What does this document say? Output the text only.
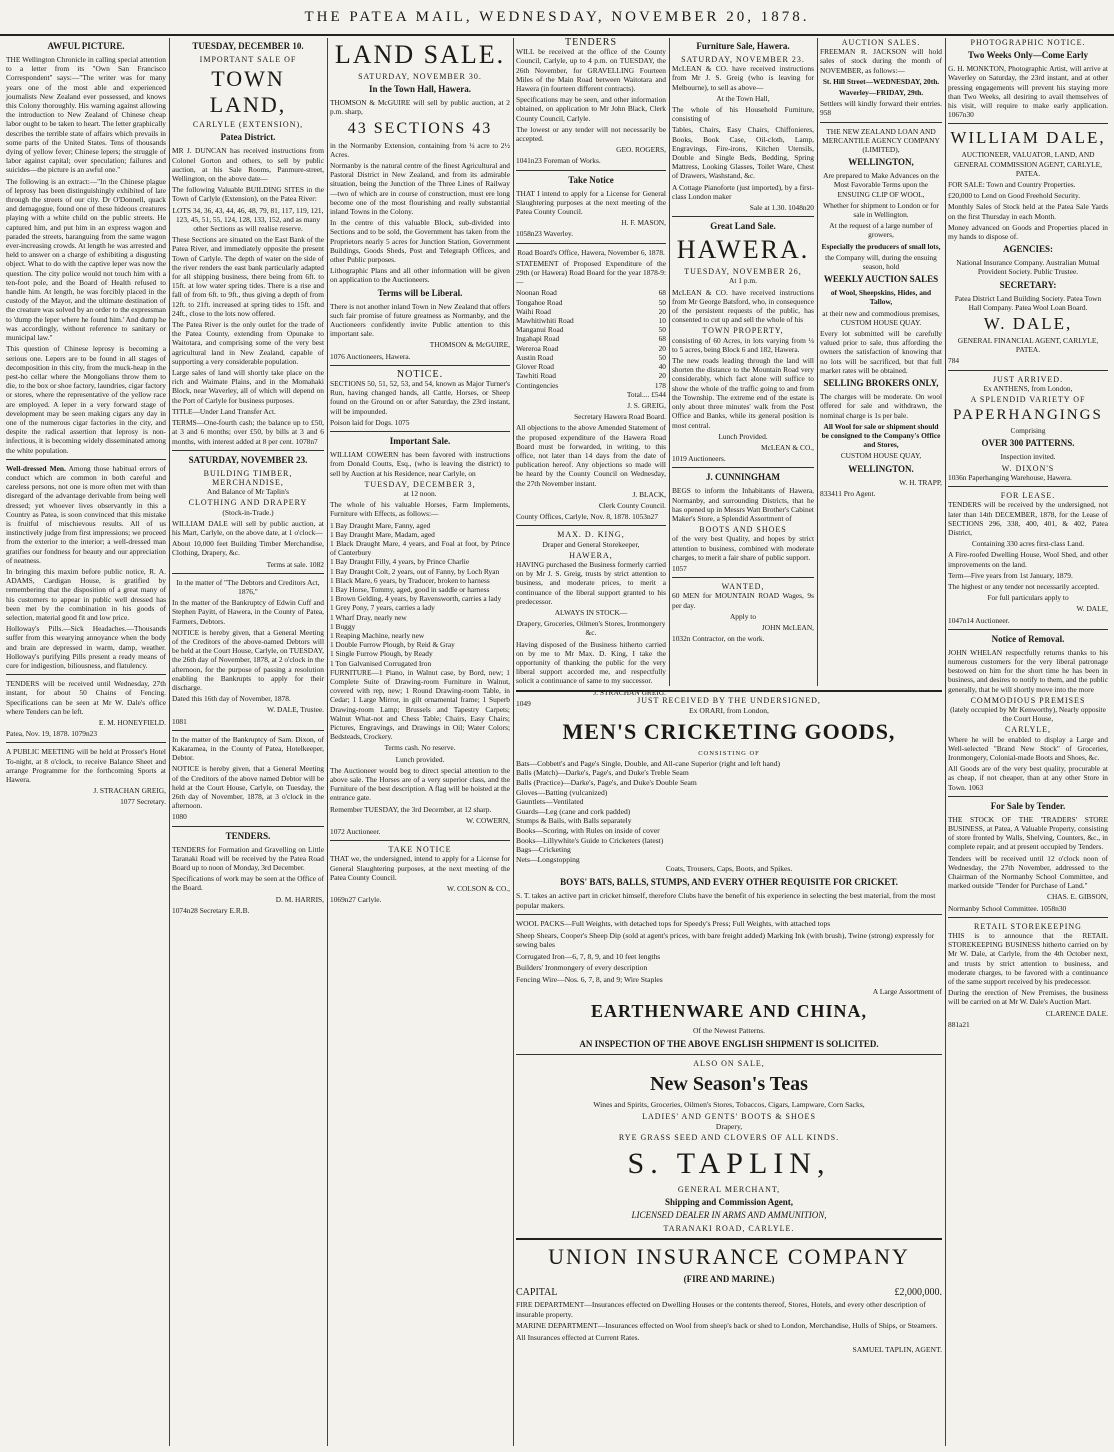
THE PATEA MAIL, WEDNESDAY, NOVEMBER 20, 1878.
AWFUL PICTURE.

THE Wellington Chronicle in calling special attention to a letter from its "Own San Francisco Correspondent" says:—"The writer was for many years one of the most able and experienced journalists New Zealand ever possessed, and knows this Colony thoroughly. His warning against allowing the introduction to New Zealand of Chinese cheap labor ought to be taken to heart. The letter graphically describes the terrible state of affairs which prevails in some parts of the United States. Tens of thousands dying of yellow fever; Chinese lepers; the struggle of labor against capital; over speculation; failures and suicides—the picture is an awful one."

The following is an extract:—"In the Chinese plague of leprosy has been distinguishingly exhibited of late through the streets of our city. Dr O'Donnell, quack and demagogue, found one of these hideous creatures playing with a white child on the public streets. He captured him, and put him in an express wagon and paraded the streets, haranguing from the same wagon ever-increasing crowds. At length he was arrested and held to answer on a charge of exhibiting a disgusting object. What to do with the captive leper was now the question. The city police would not touch him with a ten-foot pole, and the Board of Health refused to handle him. At length, he was forcibly placed in the custody of the Mayor, and the ultimate destination of the creature was solved by an order to the expressman to 'dump the leper where he found him.' And dump he was accordingly, without reference to sanitary or municipal law."

This question of Chinese leprosy is becoming a serious one. Lepers are to be found in all stages of decomposition in this city, from the muck-heap in the pest-ho cellar where the Mongolians throw them to die, to the box or shoe factory, laundries, cigar factory or stores, where the representative of the yellow race are employed. A leper in a very forward stage of development may be seen making cigars any day in one of the numerous cigar factories in the city, and despite the radical assertion that leprosy is non-infectious, it is becoming widely disseminated among the white population.

Well-dressed Men. Among those habitual errors of conduct which are common in both careful and careless persons, not one is more often met with than disregard of the advantage derivable from being well dressed; yet whoever lives observantly in this a Country as Patea, is soon convinced that this mistake is fruitful of mischievous results. All of us instinctively judge from first impressions; we proceed from the exterior to the interior; a well-dressed man gratifies our fondness for beauty and our appreciation of neatness.

In bringing this maxim before public notice, R. A. ADAMS, Cardigan House, is gratified by remembering that the disposition of a great many of his customers to appear in public well dressed has been met by the combination in his goods of selection, material good fit and low price.

Holloway's Pills.—Sick Headaches.—Thousands suffer from this wearying annoyance when the body and brain are depressed in warm, damp, weather. Holloway's purifying Pills present a ready means of cure for indigestion, biliousness, and flatulency.

TENDERS will be received until Wednesday, 27th instant, for about 50 Chains of Fencing. Specifications can be seen at Mr W. Dale's office where Tenders can be left.

E. M. HONEYFIELD.

Patea, Nov. 19, 1878. 1079n23

A PUBLIC MEETING will be held at Prosser's Hotel To-night, at 8 o'clock, to receive Balance Sheet and arrange Programme for the forthcoming Sports at Hawera.

J. STRACHAN GREIG,

1077 Secretary.

TUESDAY, DECEMBER 10.
IMPORTANT SALE OF
TOWN LAND,
CARLYLE (EXTENSION),
Patea District.

MR J. DUNCAN has received instructions from Colonel Gorton and others, to sell by public auction, at his Sale Rooms, Panmure-street, Wellington, on the above date—

The following Valuable BUILDING SITES in the Town of Carlyle (Extension), on the Patea River:

LOTS 34, 36, 43, 44, 46, 48, 79, 81, 117, 119, 121, 123, 45, 51, 55, 124, 128, 133, 152, and as many other Sections as will realise reserve.

These Sections are situated on the East Bank of the Patea River, and immediately opposite the present Town of Carlyle. The depth of water on the side of the river renders the east bank particularly adapted for all shipping business, there being from 6ft. to 15ft. at low water spring tides. There is a rise and fall of from 6ft. to 9ft., thus giving a depth of from 12ft. to 21ft. increased at spring tides to 15ft. and 24ft., close to the lots now offered.

The Patea River is the only outlet for the trade of the Patea County, extending from Opunake to Waitotara, and comprising some of the very best agricultural land in New Zealand, capable of supporting a very considerable population.

Large sales of land will shortly take place on the rich and Waimate Plains, and in the Momahaki Block, near Waverley, all of which will depend on the Port of Carlyle for business purposes.

TITLE—Under Land Transfer Act.

TERMS—One-fourth cash; the balance up to £50, at 3 and 6 months; over £50, by bills at 3 and 6 months, with interest added at 8 per cent. 1078n7

SATURDAY, NOVEMBER 23.
BUILDING TIMBER,
MERCHANDISE,

And Balance of Mr Taplin's

CLOTHING AND DRAPERY

(Stock-in-Trade.)

WILLIAM DALE will sell by public auction, at his Mart, Carlyle, on the above date, at 1 o'clock—

About 10,000 feet Building Timber Merchandise, Clothing, Drapery, &c.

Terms at sale. 1082

In the matter of "The Debtors and Creditors Act, 1876,"

In the matter of the Bankruptcy of Edwin Cuff and Stephen Payitt, of Hawera, in the County of Patea, Farmers, Debtors.

NOTICE is hereby given, that a General Meeting of the Creditors of the above-named Debtors will be held at the Court House, Carlyle, on TUESDAY, the 26th day of November, 1878, at 2 o'clock in the afternoon, for the purpose of passing a resolution enabling the Bankrupts to apply for their discharge.

Dated this 16th day of November, 1878.

W. DALE, Trustee.

1081

In the matter of the Bankruptcy of Sam. Dixon, of Kakaramea, in the County of Patea, Hotelkeeper, Debtor.

NOTICE is hereby given, that a General Meeting of the Creditors of the above named Debtor will be held at the Court House, Carlyle, on Tuesday, the 26th day of November, 1878, at 3 o'clock in the afternoon.

1080

TENDERS.

TENDERS for Formation and Gravelling on Little Taranaki Road will be received by the Patea Road Board up to noon of Monday, 3rd December.

Specifications of work may be seen at the Office of the Board.

D. M. HARRIS,

1074n28 Secretary E.R.B.

LAND SALE.
SATURDAY, NOVEMBER 30.
In the Town Hall, Hawera.

THOMSON & McGUIRE will sell by public auction, at 2 p.m. sharp,

43 SECTIONS 43

in the Normanby Extension, containing from ¼ acre to 2½ Acres.

Normanby is the natural centre of the finest Agricultural and Pastoral District in New Zealand, and from its admirable situation, being the Junction of the Three Lines of Railway—two of which are in course of construction, must ere long become one of the most flourishing and really substantial inland Towns in the Colony.

In the centre of this valuable Block, sub-divided into Sections and to be sold, the Government has taken from the Proprietors nearly 5 acres for Junction Station, Government Buildings, Goods Sheds, Post and Telegraph Offices, and other Public purposes.

Lithographic Plans and all other information will be given on application to the Auctioneers.

Terms will be Liberal.

There is not another inland Town in New Zealand that offers such fair promise of future greatness as Normanby, and the Auctioneers confidently invite Public attention to this important sale.

THOMSON & McGUIRE,

1076 Auctioneers, Hawera.

NOTICE.

SECTIONS 50, 51, 52, 53, and 54, known as Major Turner's Run, having changed hands, all Cattle, Horses, or Sheep found on the Ground on or after Saturday, the 23rd instant, will be impounded.

Poison laid for Dogs. 1075

Important Sale.

WILLIAM COWERN has been favored with instructions from Donald Coutts, Esq., (who is leaving the district) to sell by Auction at his Residence, near Carlyle, on

TUESDAY, DECEMBER 3,

at 12 noon.

The whole of his valuable Horses, Farm Implements, Furniture with Effects, as follows:—

1 Bay Draught Mare, Fanny, aged

1 Bay Draught Mare, Madam, aged

1 Black Draught Mare, 4 years, and Foal at foot, by Prince of Canterbury

1 Bay Draught Filly, 4 years, by Prince Charlie

1 Bay Draught Colt, 2 years, out of Fanny, by Loch Ryan

1 Black Mare, 6 years, by Traducer, broken to harness

1 Bay Horse, Tommy, aged, good in saddle or harness

1 Brown Gelding, 4 years, by Ravensworth, carries a lady

1 Grey Pony, 7 years, carries a lady

1 Wharf Dray, nearly new

1 Buggy

1 Reaping Machine, nearly new

1 Double Furrow Plough, by Reid & Gray

1 Single Furrow Plough, by Ready

1 Ton Galvanised Corrugated Iron

FURNITURE—1 Piano, in Walnut case, by Bord, new; 1 Complete Suite of Drawing-room Furniture in Walnut, covered with rep, new; 1 Round Drawing-room Table, in Cedar; 1 Large Mirror, in gilt ornamental frame; 1 Superb Drawing-room Lamp; Brussels and Tapestry Carpets; Walnut What-not and Chess Table; Chairs, Easy Chairs; Pictures, Engravings, and Drawings in Oil; Water Colors; Bedsteads, Crockery.

Terms cash. No reserve.

Lunch provided.

The Auctioneer would beg to direct special attention to the above sale. The Horses are of a very superior class, and the Furniture of the best description. A flag will be hoisted at the entrance gate.

Remember TUESDAY, the 3rd December, at 12 sharp.

W. COWERN,

1072 Auctioneer.

TAKE NOTICE

THAT we, the undersigned, intend to apply for a License for General Slaughtering purposes, at the next meeting of the Patea County Council.

W. COLSON & CO.,

1069n27 Carlyle.

TENDERS

WILL be received at the office of the County Council, Carlyle, up to 4 p.m. on TUESDAY, the 26th November, for GRAVELLING Fourteen Miles of the Main Road between Waitotara and Hawera (in fourteen different contracts).

Specifications may be seen, and other information obtained, on application to Mr John Black, Clerk County Council, Carlyle.

The lowest or any tender will not necessarily be accepted.

GEO. ROGERS,

1041n23 Foreman of Works.

Take Notice

THAT I intend to apply for a License for General Slaughtering purposes at the next meeting of the Patea County Council.

H. F. MASON,

1058n23 Waverley.

Road Board's Office, Hawera, November 6, 1878.

STATEMENT of Proposed Expenditure of the 29th (or Hawera) Road Board for the year 1878-9:—

Noonan Road	68

Tongahoe Road	50

Waihi Road	20

Mawhitiwhiti Road	10

Manganui Road	50

Ingahapi Road	68

Wereroa Road	20

Austin Road	50

Glover Road	40

Tawhiti Road	20

Contingencies	178

Total.... £544

J. S. GREIG,

Secretary Hawera Road Board.

All objections to the above Amended Statement of the proposed expenditure of the Hawera Road Board must be forwarded, in writing, to this office, not later than 14 days from the date of publication hereof. Any objections so made will be heard by the County Council on Wednesday, the 27th November instant.

J. BLACK,

Clerk County Council.

County Offices, Carlyle, Nov. 8, 1878. 1053n27

MAX. D. KING,

Draper and General Storekeeper,

HAWERA,

HAVING purchased the Business formerly carried on by Mr J. S. Greig, trusts by strict attention to business, and moderate prices, to merit a continuance of the liberal support granted to his predecessor.

ALWAYS IN STOCK—

Drapery, Groceries, Oilmen's Stores, Ironmongery &c.

Having disposed of the Business hitherto carried on by me to Mr Max. D. King, I take the opportunity of thanking the public for the very liberal support accorded me, and respectfully solicit a continuance of same to my successor.

J. STRACHAN GREIG.

1049

Furniture Sale, Hawera.
SATURDAY, NOVEMBER 23.

McLEAN & CO. have received instructions from Mr J. S. Greig (who is leaving for Melbourne), to sell as above—

At the Town Hall,

The whole of his Household Furniture, consisting of

Tables, Chairs, Easy Chairs, Chiffonieres, Books, Book Case, Oil-cloth, Lamp, Engravings, Fire-irons, Kitchen Utensils, Double and Single Beds, Bedding, Spring Mattress, Looking Glasses, Toilet Ware, Chest of Drawers, Washstand, &c.

A Cottage Pianoforte (just imported), by a first-class London maker

Sale at 1.30. 1048n20

Great Land Sale.
HAWERA.
TUESDAY, NOVEMBER 26,

At 1 p.m.

McLEAN & CO. have received instructions from Mr George Batsford, who, in consequence of the persistent requests of the public, has consented to cut up and sell the whole of his

TOWN PROPERTY,

consisting of 60 Acres, in lots varying from ¼ to 5 acres, being Block 6 and 182, Hawera.

The new roads leading through the land will shorten the distance to the Mountain Road very considerably, which fact alone will suffice to show the whole of the traffic going to and from the Township. The extreme end of the estate is only about three minutes' walk from the Post Office and Banks, while its general position is most central.

Lunch Provided.

McLEAN & CO.,

1019 Auctioneers.

J. CUNNINGHAM

BEGS to inform the Inhabitants of Hawera, Normanby, and surrounding Districts, that he has opened up in Messrs Watt Brother's Cabinet Maker's Store, a Splendid Assortment of

BOOTS AND SHOES

of the very best Quality, and hopes by strict attention to business, combined with moderate charges, to merit a fair share of public support.

1057

WANTED,

60 MEN for MOUNTAIN ROAD Wages, 9s per day.

Apply to

JOHN McLEAN,

1032n Contractor, on the work.

AUCTION SALES.

FREEMAN R. JACKSON will hold sales of stock during the month of NOVEMBER, as follows:—

St. Hill Street—WEDNESDAY, 20th.

Waverley—FRIDAY, 29th.

Settlers will kindly forward their entries. 958

THE NEW ZEALAND LOAN AND MERCANTILE AGENCY COMPANY (LIMITED),

WELLINGTON,

Are prepared to Make Advances on the Most Favorable Terms upon the ENSUING CLIP OF WOOL,

Whether for shipment to London or for sale in Wellington.

At the request of a large number of growers,

Especially the producers of small lots,

the Company will, during the ensuing season, hold

WEEKLY AUCTION SALES

of Wool, Sheepskins, Hides, and Tallow,

at their new and commodious premises, CUSTOM HOUSE QUAY.

Every lot submitted will be carefully valued prior to sale, thus affording the owners the satisfaction of knowing that no lots will be sacrificed, but that full market rates will be obtained.

SELLING BROKERS ONLY,

The charges will be moderate. On wool offered for sale and withdrawn, the nominal charge is 1s per bale.

All Wool for sale or shipment should be consigned to the Company's Office and Stores,

CUSTOM HOUSE QUAY,

WELLINGTON.

W. H. TRAPP,

833411 Pro Agent.

JUST RECEIVED BY THE UNDERSIGNED,

Ex ORARI, from London,

MEN'S CRICKETING GOODS,
CONSISTING OF

Bats—Cobbett's and Page's Single, Double, and All-cane Superior (right and left hand)

Balls (Match)—Darke's, Page's, and Duke's Treble Seam

Balls (Practice)—Darke's, Page's, and Duke's Double Seam

Gloves—Batting (vulcanized)

Gauntlets—Ventilated

Guards—Leg (cane and cork padded)

Stumps & Bails, with Balls separately

Books—Scoring, with Rules on inside of cover

Books—Lillywhite's Guide to Cricketers (latest)

Bags—Cricketing

Nets—Longstopping

Coats, Trousers, Caps, Boots, and Spikes.

BOYS' BATS, BALLS, STUMPS, AND EVERY OTHER REQUISITE FOR CRICKET.

S. T. takes an active part in cricket himself, therefore Clubs have the benefit of his experience in selecting the best material, from the most popular makers.

WOOL PACKS—Full Weights, with detached tops for Speedy's Press; Full Weights, with attached tops

Sheep Shears, Cooper's Sheep Dip (sold at agent's prices, with bare freight added) Marking Ink (with brush), Twine (strong) expressly for sewing bales

Corrugated Iron—6, 7, 8, 9, and 10 feet lengths

Builders' Ironmongery of every description

Fencing Wire—Nos. 6, 7, 8, and 9; Wire Staples

A Large Assortment of

EARTHENWARE AND CHINA,

Of the Newest Patterns.

AN INSPECTION OF THE ABOVE ENGLISH SHIPMENT IS SOLICITED.
ALSO ON SALE,
New Season's Teas

Wines and Spirits, Groceries, Oilmen's Stores, Tobaccos, Cigars, Lampware, Corn Sacks,

LADIES' AND GENTS' BOOTS & SHOES

Drapery,

RYE GRASS SEED AND CLOVERS OF ALL KINDS.
S. TAPLIN,
GENERAL MERCHANT,
Shipping and Commission Agent,
LICENSED DEALER IN ARMS AND AMMUNITION,
TARANAKI ROAD, CARLYLE.
UNION INSURANCE COMPANY
(FIRE AND MARINE.)
CAPITAL	£2,000,000.

FIRE DEPARTMENT—Insurances effected on Dwelling Houses or the contents thereof, Stores, Hotels, and every other description of insurable property.

MARINE DEPARTMENT—Insurances effected on Wool from sheep's back or shed to London, Merchandise, Hulls of Ships, or Steamers.

All Insurances effected at Current Rates.

SAMUEL TAPLIN, AGENT.

PHOTOGRAPHIC NOTICE.
Two Weeks Only—Come Early

G. H. MONKTON, Photographic Artist, will arrive at Waverley on Saturday, the 23rd instant, and at other pressing engagements will prevent his staying more than Two Weeks, all desiring to avail themselves of his visit, will require to make early application. 1067n30

WILLIAM DALE,

AUCTIONEER, VALUATOR, LAND, AND GENERAL COMMISSION AGENT, CARLYLE, PATEA.

FOR SALE: Town and Country Properties.

£20,000 to Lend on Good Freehold Security.

Monthly Sales of Stock held at the Patea Sale Yards on the first Thursday in each Month.

Money advanced on Goods and Properties placed in my hands to dispose of.

AGENCIES:

National Insurance Company. Australian Mutual Provident Society. Public Trustee.

SECRETARY:

Patea District Land Building Society. Patea Town Hall Company. Patea Wool Loan Board.

W. DALE,

GENERAL FINANCIAL AGENT, CARLYLE, PATEA.

784

JUST ARRIVED.

Ex ANTHENS, from London,

A SPLENDID VARIETY OF
PAPERHANGINGS

Comprising

OVER 300 PATTERNS.

Inspection invited.

W. DIXON'S

1036n Paperhanging Warehouse, Hawera.

FOR LEASE.

TENDERS will be received by the undersigned, not later than 14th DECEMBER, 1878, for the Lease of SECTIONS 296, 338, 400, 401, & 402, Patea District,

Containing 330 acres first-class Land.

A Fire-roofed Dwelling House, Wool Shed, and other improvements on the land.

Term—Five years from 1st January, 1879.

The highest or any tender not necessarily accepted.

For full particulars apply to

W. DALE,

1047n14 Auctioneer.

Notice of Removal.

JOHN WHELAN respectfully returns thanks to his numerous customers for the very liberal patronage bestowed on him for the short time he has been in business, and desires to notify to them, and the public generally, that he will shortly move into the more

COMMODIOUS PREMISES

(lately occupied by Mr Kenworthy), Nearly opposite the Court House,

CARLYLE,

Where he will be enabled to display a Large and Well-selected "Brand New Stock" of Groceries, Ironmongery, Colonial-made Boots and Shoes, &c.

All Goods are of the very best quality, procurable at as cheap, if not cheaper, than at any other Store in Town. 1063

For Sale by Tender.

THE STOCK OF THE 'TRADERS' STORE BUSINESS, at Patea, A Valuable Property, consisting of store fronted by Walls, Shelving, Counters, &c., in complete repair, and at present occupied by Tenders.

Tenders will be received until 12 o'clock noon of Wednesday, the 27th November, addressed to the Chairman of the Normanby School Committee, and marked outside "Tender for Purchase of Land."

CHAS. E. GIBSON,

Normanby School Committee. 1058n30

RETAIL STOREKEEPING

THIS is to announce that the RETAIL STOREKEEPING BUSINESS hitherto carried on by Mr W. Dale, at Carlyle, from the 4th October next, and trusts by strict attention to business, and moderate charges, to be favored with a continuance of the same support received by his predecessor.

During the erection of New Premises, the business will be carried on at Mr W. Dale's Auction Mart.

CLARENCE DALE.

881a21
